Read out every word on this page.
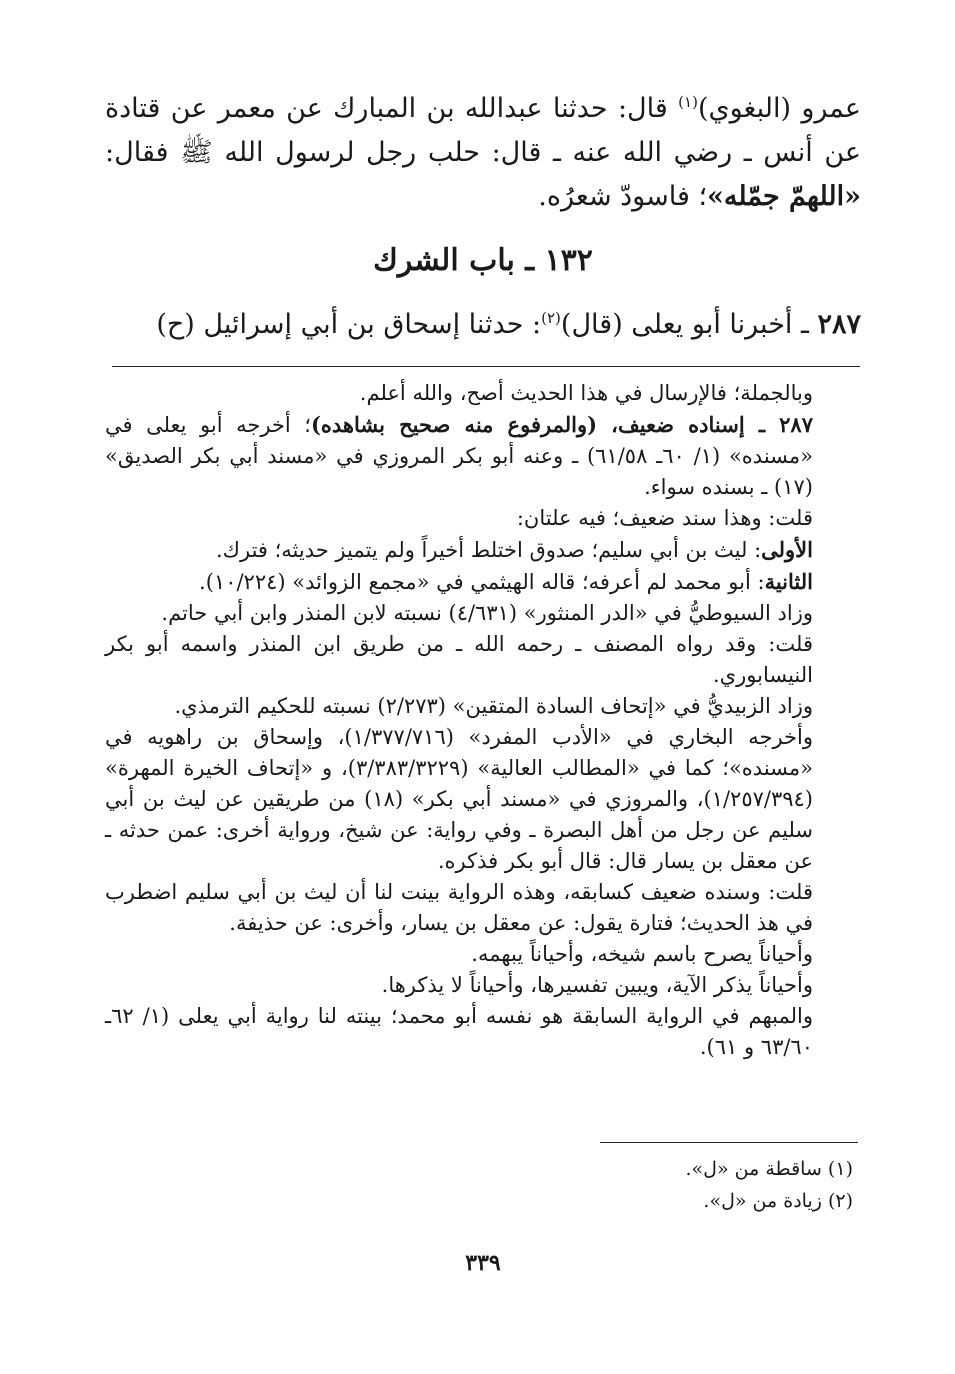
عمرو (البغوي)$^{(١)}$ قال: حدثنا عبدالله بن المبارك عن معمر عن قتادة عن أنس ـ رضي الله عنه ـ قال: حلب رجل لرسول الله ﷺ فقال: «اللهمّ جمّله»؛ فاسودّ شعرُه.

١٣٢ ـ باب الشرك
٢٨٧ ـ أخبرنا أبو يعلى (قال)$^{(٢)}$: حدثنا إسحاق بن أبي إسرائيل (ح)

وبالجملة؛ فالإرسال في هذا الحديث أصح، والله أعلم.

٢٨٧ ـ إسناده ضعيف، (والمرفوع منه صحيح بشاهده)؛ أخرجه أبو يعلى في «مسنده» (١/ ٦٠ـ ٦١/٥٨) ـ وعنه أبو بكر المروزي في «مسند أبي بكر الصديق» (١٧) ـ بسنده سواء.

قلت: وهذا سند ضعيف؛ فيه علتان:

الأولى: ليث بن أبي سليم؛ صدوق اختلط أخيراً ولم يتميز حديثه؛ فترك.

الثانية: أبو محمد لم أعرفه؛ قاله الهيثمي في «مجمع الزوائد» (١٠/٢٢٤).

وزاد السيوطيُّ في «الدر المنثور» (٤/٦٣١) نسبته لابن المنذر وابن أبي حاتم.

قلت: وقد رواه المصنف ـ رحمه الله ـ من طريق ابن المنذر واسمه أبو بكر النيسابوري.

وزاد الزبيديُّ في «إتحاف السادة المتقين» (٢/٢٧٣) نسبته للحكيم الترمذي.

وأخرجه البخاري في «الأدب المفرد» (١/٣٧٧/٧١٦)، وإسحاق بن راهويه في «مسنده»؛ كما في «المطالب العالية» (٣/٣٨٣/٣٢٢٩)، و «إتحاف الخيرة المهرة» (١/٢٥٧/٣٩٤)، والمروزي في «مسند أبي بكر» (١٨) من طريقين عن ليث بن أبي سليم عن رجل من أهل البصرة ـ وفي رواية: عن شيخ، ورواية أخرى: عمن حدثه ـ عن معقل بن يسار قال: قال أبو بكر فذكره.

قلت: وسنده ضعيف كسابقه، وهذه الرواية بينت لنا أن ليث بن أبي سليم اضطرب في هذ الحديث؛ فتارة يقول: عن معقل بن يسار، وأخرى: عن حذيفة.

وأحياناً يصرح باسم شيخه، وأحياناً يبهمه.

وأحياناً يذكر الآية، ويبين تفسيرها، وأحياناً لا يذكرها.

والمبهم في الرواية السابقة هو نفسه أبو محمد؛ بينته لنا رواية أبي يعلى (١/ ٦٢ـ ٦٣/٦٠ و ٦١).

(١) ساقطة من «ل».

(٢) زيادة من «ل».

٣٣٩
